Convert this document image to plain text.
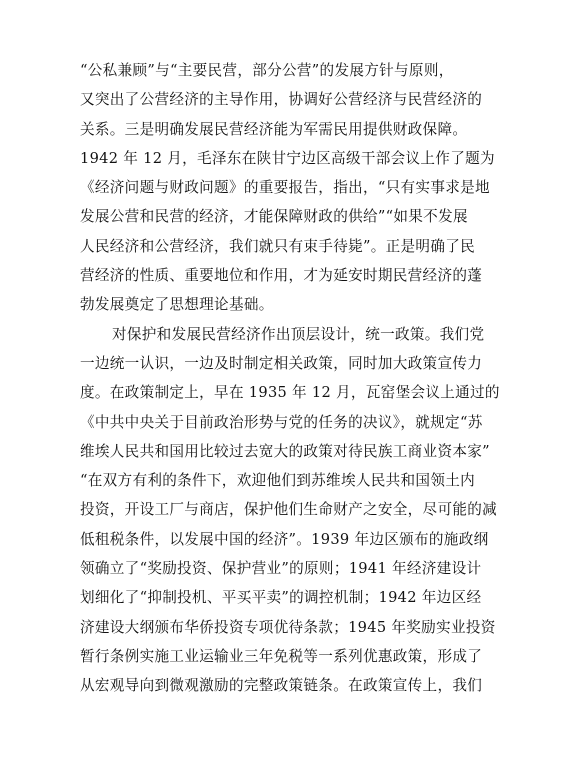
“公私兼顾”与“主要民营，部分公营”的发展方针与原则，
又突出了公营经济的主导作用，协调好公营经济与民营经济的
关系。三是明确发展民营经济能为军需民用提供财政保障。
1942 年 12 月，毛泽东在陕甘宁边区高级干部会议上作了题为
《经济问题与财政问题》的重要报告，指出，“只有实事求是地
发展公营和民营的经济，才能保障财政的供给”“如果不发展
人民经济和公营经济，我们就只有束手待毙”。正是明确了民
营经济的性质、重要地位和作用，才为延安时期民营经济的蓬
勃发展奠定了思想理论基础。
对保护和发展民营经济作出顶层设计，统一政策。我们党
一边统一认识，一边及时制定相关政策，同时加大政策宣传力
度。在政策制定上，早在 1935 年 12 月，瓦窑堡会议上通过的
《中共中央关于目前政治形势与党的任务的决议》，就规定“苏
维埃人民共和国用比较过去宽大的政策对待民族工商业资本家”
“在双方有利的条件下，欢迎他们到苏维埃人民共和国领土内
投资，开设工厂与商店，保护他们生命财产之安全，尽可能的减
低租税条件，以发展中国的经济”。1939 年边区颁布的施政纲
领确立了“奖励投资、保护营业”的原则；1941 年经济建设计
划细化了“抑制投机、平买平卖”的调控机制；1942 年边区经
济建设大纲颁布华侨投资专项优待条款；1945 年奖励实业投资
暂行条例实施工业运输业三年免税等一系列优惠政策，形成了
从宏观导向到微观激励的完整政策链条。在政策宣传上，我们
